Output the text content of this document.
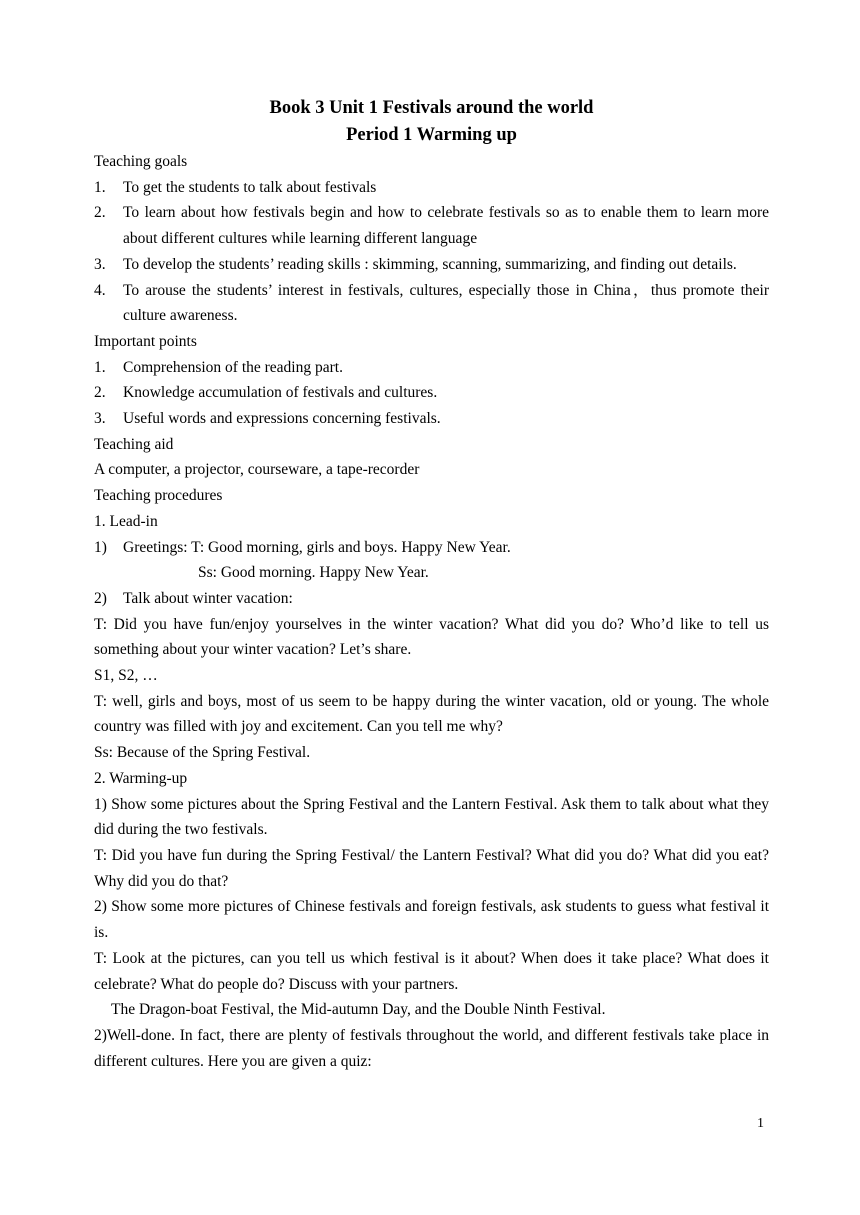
Book 3 Unit 1 Festivals around the world
Period 1 Warming up

Teaching goals

1. To get the students to talk about festivals
2. To learn about how festivals begin and how to celebrate festivals so as to enable them to learn more about different cultures while learning different language
3. To develop the students’ reading skills : skimming, scanning, summarizing, and finding out details.
4. To arouse the students’ interest in festivals, cultures, especially those in China，thus promote their culture awareness.

Important points

1. Comprehension of the reading part.
2. Knowledge accumulation of festivals and cultures.
3. Useful words and expressions concerning festivals.

Teaching aid

A computer, a projector, courseware, a tape-recorder

Teaching procedures

1. Lead-in

1) Greetings: T: Good morning, girls and boys. Happy New Year.

Ss: Good morning. Happy New Year.

2) Talk about winter vacation:

T: Did you have fun/enjoy yourselves in the winter vacation? What did you do? Who’d like to tell us something about your winter vacation? Let’s share.

S1, S2, …

T: well, girls and boys, most of us seem to be happy during the winter vacation, old or young. The whole country was filled with joy and excitement. Can you tell me why?

Ss: Because of the Spring Festival.

2. Warming-up

1) Show some pictures about the Spring Festival and the Lantern Festival. Ask them to talk about what they did during the two festivals.

T: Did you have fun during the Spring Festival/ the Lantern Festival? What did you do? What did you eat? Why did you do that?

2) Show some more pictures of Chinese festivals and foreign festivals, ask students to guess what festival it is.

T: Look at the pictures, can you tell us which festival is it about? When does it take place? What does it celebrate? What do people do? Discuss with your partners.

The Dragon-boat Festival, the Mid-autumn Day, and the Double Ninth Festival.

2)Well-done. In fact, there are plenty of festivals throughout the world, and different festivals take place in different cultures. Here you are given a quiz:

1
